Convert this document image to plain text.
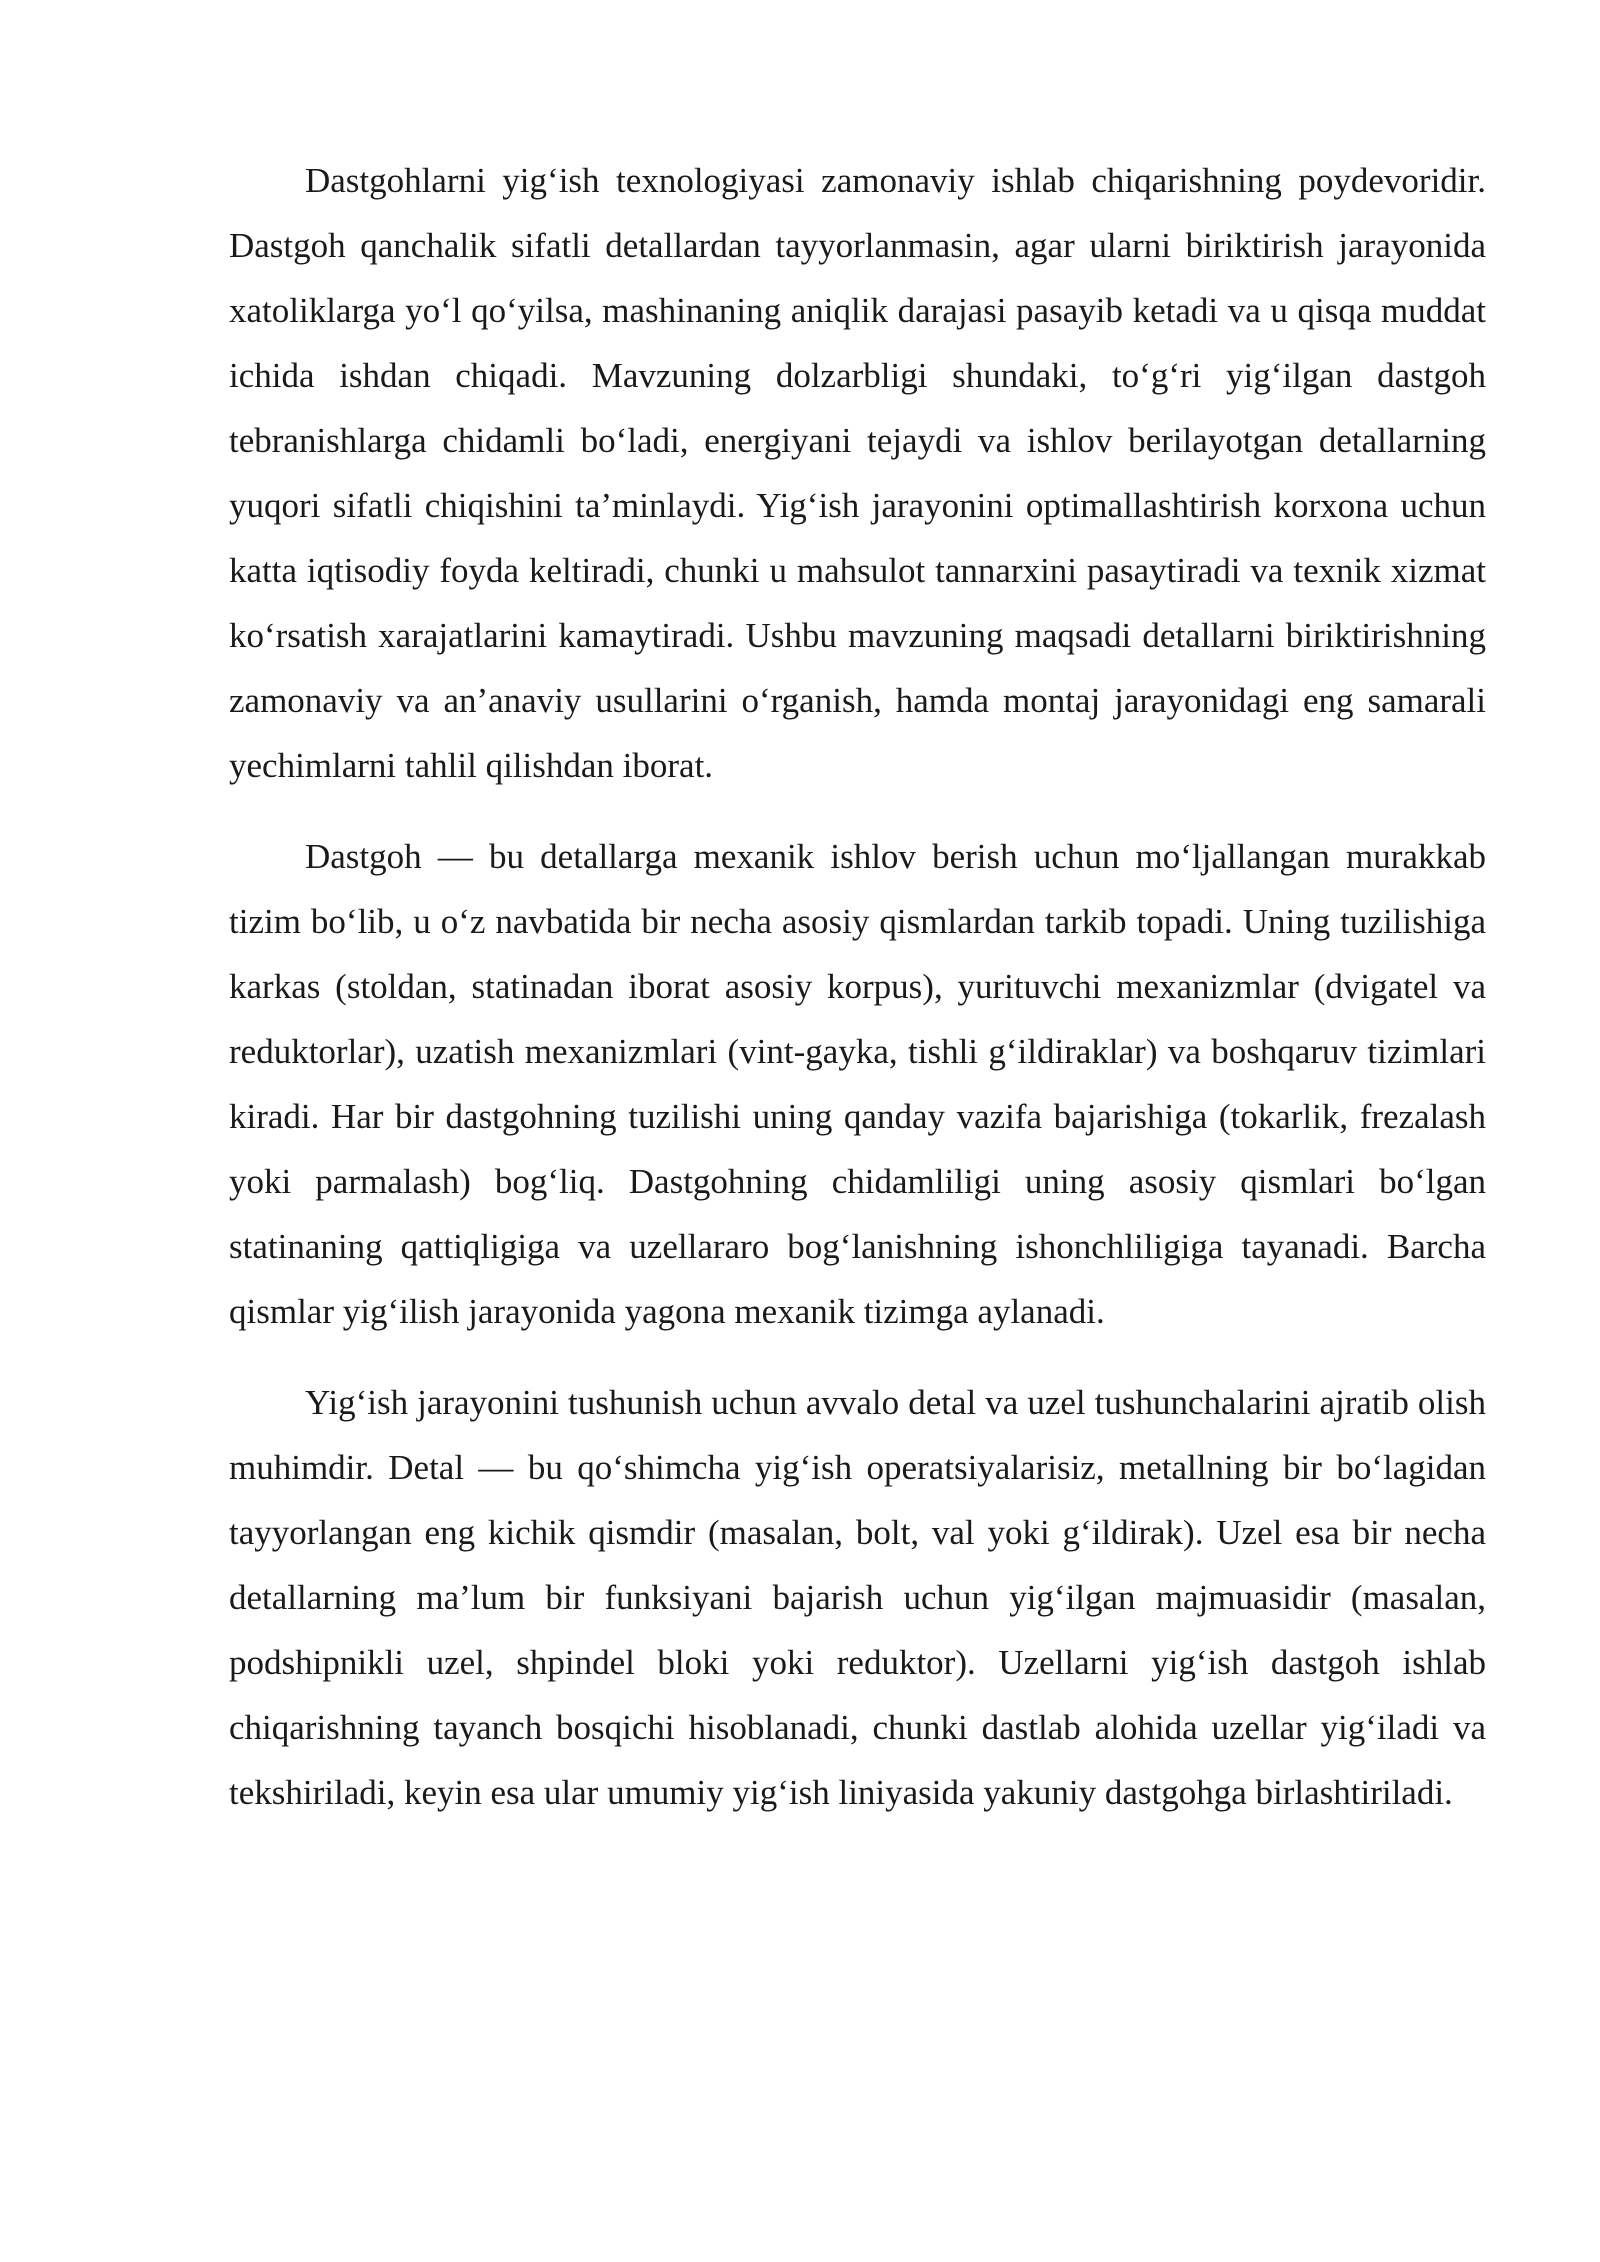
Dastgohlarni yig‘ish texnologiyasi zamonaviy ishlab chiqarishning poydevoridir. Dastgoh qanchalik sifatli detallardan tayyorlanmasin, agar ularni biriktirish jarayonida xatoliklarga yo‘l qo‘yilsa, mashinaning aniqlik darajasi pasayib ketadi va u qisqa muddat ichida ishdan chiqadi. Mavzuning dolzarbligi shundaki, to‘g‘ri yig‘ilgan dastgoh tebranishlarga chidamli bo‘ladi, energiyani tejaydi va ishlov berilayotgan detallarning yuqori sifatli chiqishini ta’minlaydi. Yig‘ish jarayonini optimallashtirish korxona uchun katta iqtisodiy foyda keltiradi, chunki u mahsulot tannarxini pasaytiradi va texnik xizmat ko‘rsatish xarajatlarini kamaytiradi. Ushbu mavzuning maqsadi detallarni biriktirishning zamonaviy va an’anaviy usullarini o‘rganish, hamda montaj jarayonidagi eng samarali yechimlarni tahlil qilishdan iborat.

Dastgoh — bu detallarga mexanik ishlov berish uchun mo‘ljallangan murakkab tizim bo‘lib, u o‘z navbatida bir necha asosiy qismlardan tarkib topadi. Uning tuzilishiga karkas (stoldan, statinadan iborat asosiy korpus), yurituvchi mexanizmlar (dvigatel va reduktorlar), uzatish mexanizmlari (vint-gayka, tishli g‘ildiraklar) va boshqaruv tizimlari kiradi. Har bir dastgohning tuzilishi uning qanday vazifa bajarishiga (tokarlik, frezalash yoki parmalash) bog‘liq. Dastgohning chidamliligi uning asosiy qismlari bo‘lgan statinaning qattiqligiga va uzellararo bog‘lanishning ishonchliligiga tayanadi. Barcha qismlar yig‘ilish jarayonida yagona mexanik tizimga aylanadi.

Yig‘ish jarayonini tushunish uchun avvalo detal va uzel tushunchalarini ajratib olish muhimdir. Detal — bu qo‘shimcha yig‘ish operatsiyalarisiz, metallning bir bo‘lagidan tayyorlangan eng kichik qismdir (masalan, bolt, val yoki g‘ildirak). Uzel esa bir necha detallarning ma’lum bir funksiyani bajarish uchun yig‘ilgan majmuasidir (masalan, podshipnikli uzel, shpindel bloki yoki reduktor). Uzellarni yig‘ish dastgoh ishlab chiqarishning tayanch bosqichi hisoblanadi, chunki dastlab alohida uzellar yig‘iladi va tekshiriladi, keyin esa ular umumiy yig‘ish liniyasida yakuniy dastgohga birlashtiriladi.
